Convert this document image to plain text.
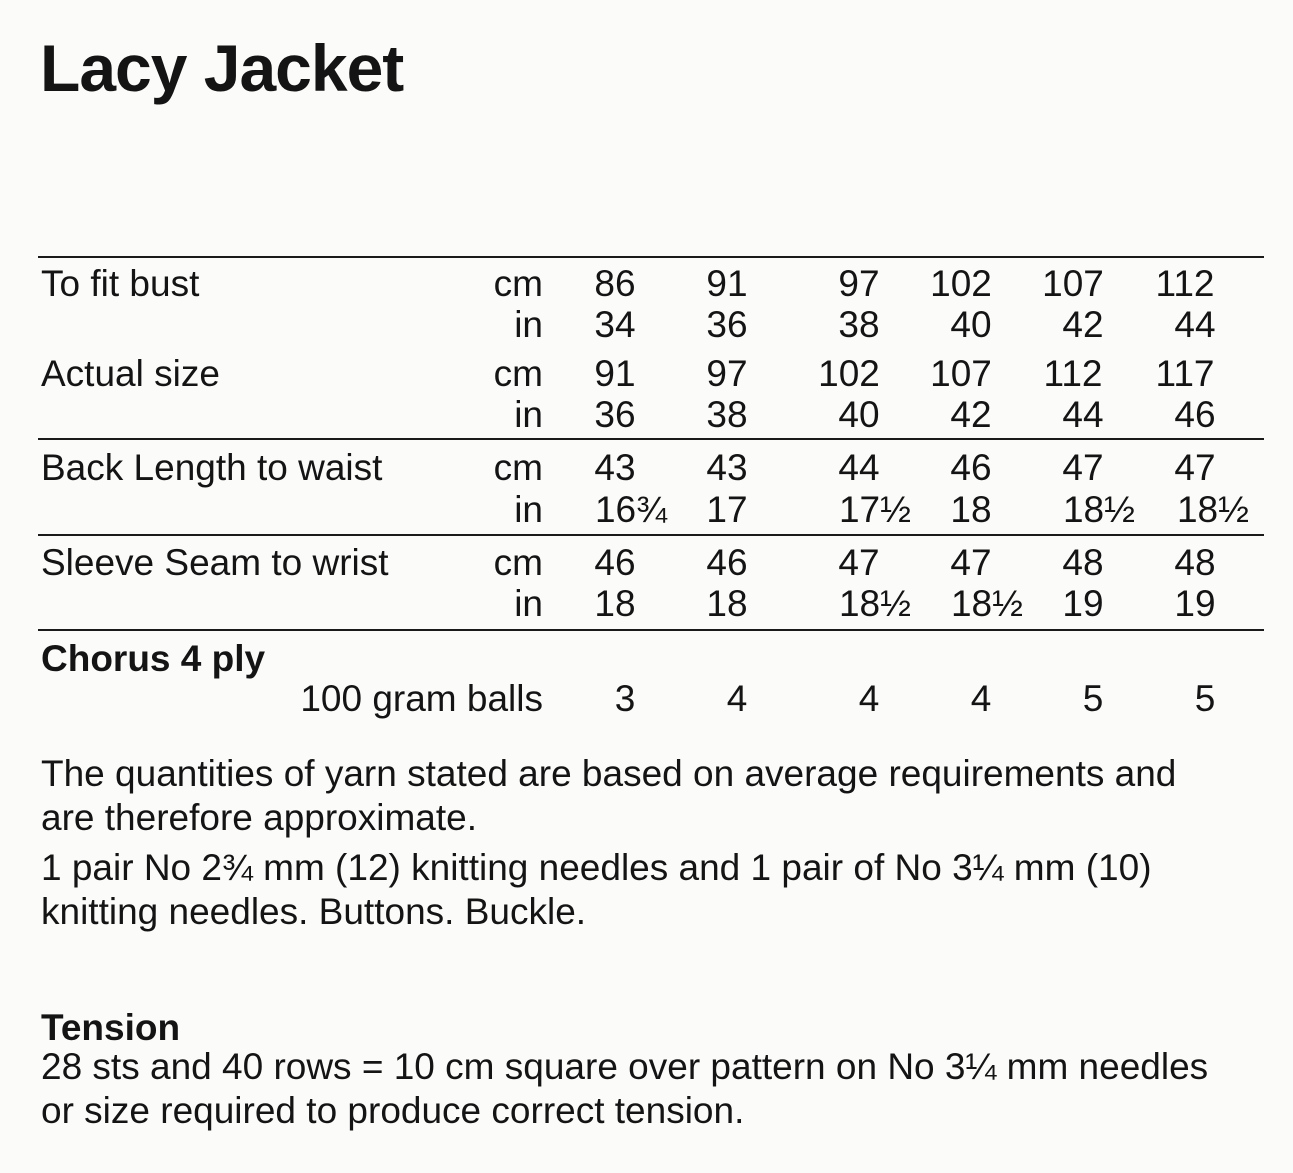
Lacy Jacket
To fit bust	cm	86	91	97	102	107	112
in	34	36	38	40	42	44
Actual size	cm	91	97	102	107	112	117
in	36	38	40	42	44	46
Back Length to waist	cm	43	43	44	46	47	47
in	16¾	17	17½	18	18½	18½
Sleeve Seam to wrist	cm	46	46	47	47	48	48
in	18	18	18½	18½	19	19
Chorus 4 ply
100 gram balls	3	4	4	4	5	5
The quantities of yarn stated are based on average requirements and
are therefore approximate.
1 pair No 2¾ mm (12) knitting needles and 1 pair of No 3¼ mm (10)
knitting needles. Buttons. Buckle.
Tension
28 sts and 40 rows = 10 cm square over pattern on No 3¼ mm needles
or size required to produce correct tension.
